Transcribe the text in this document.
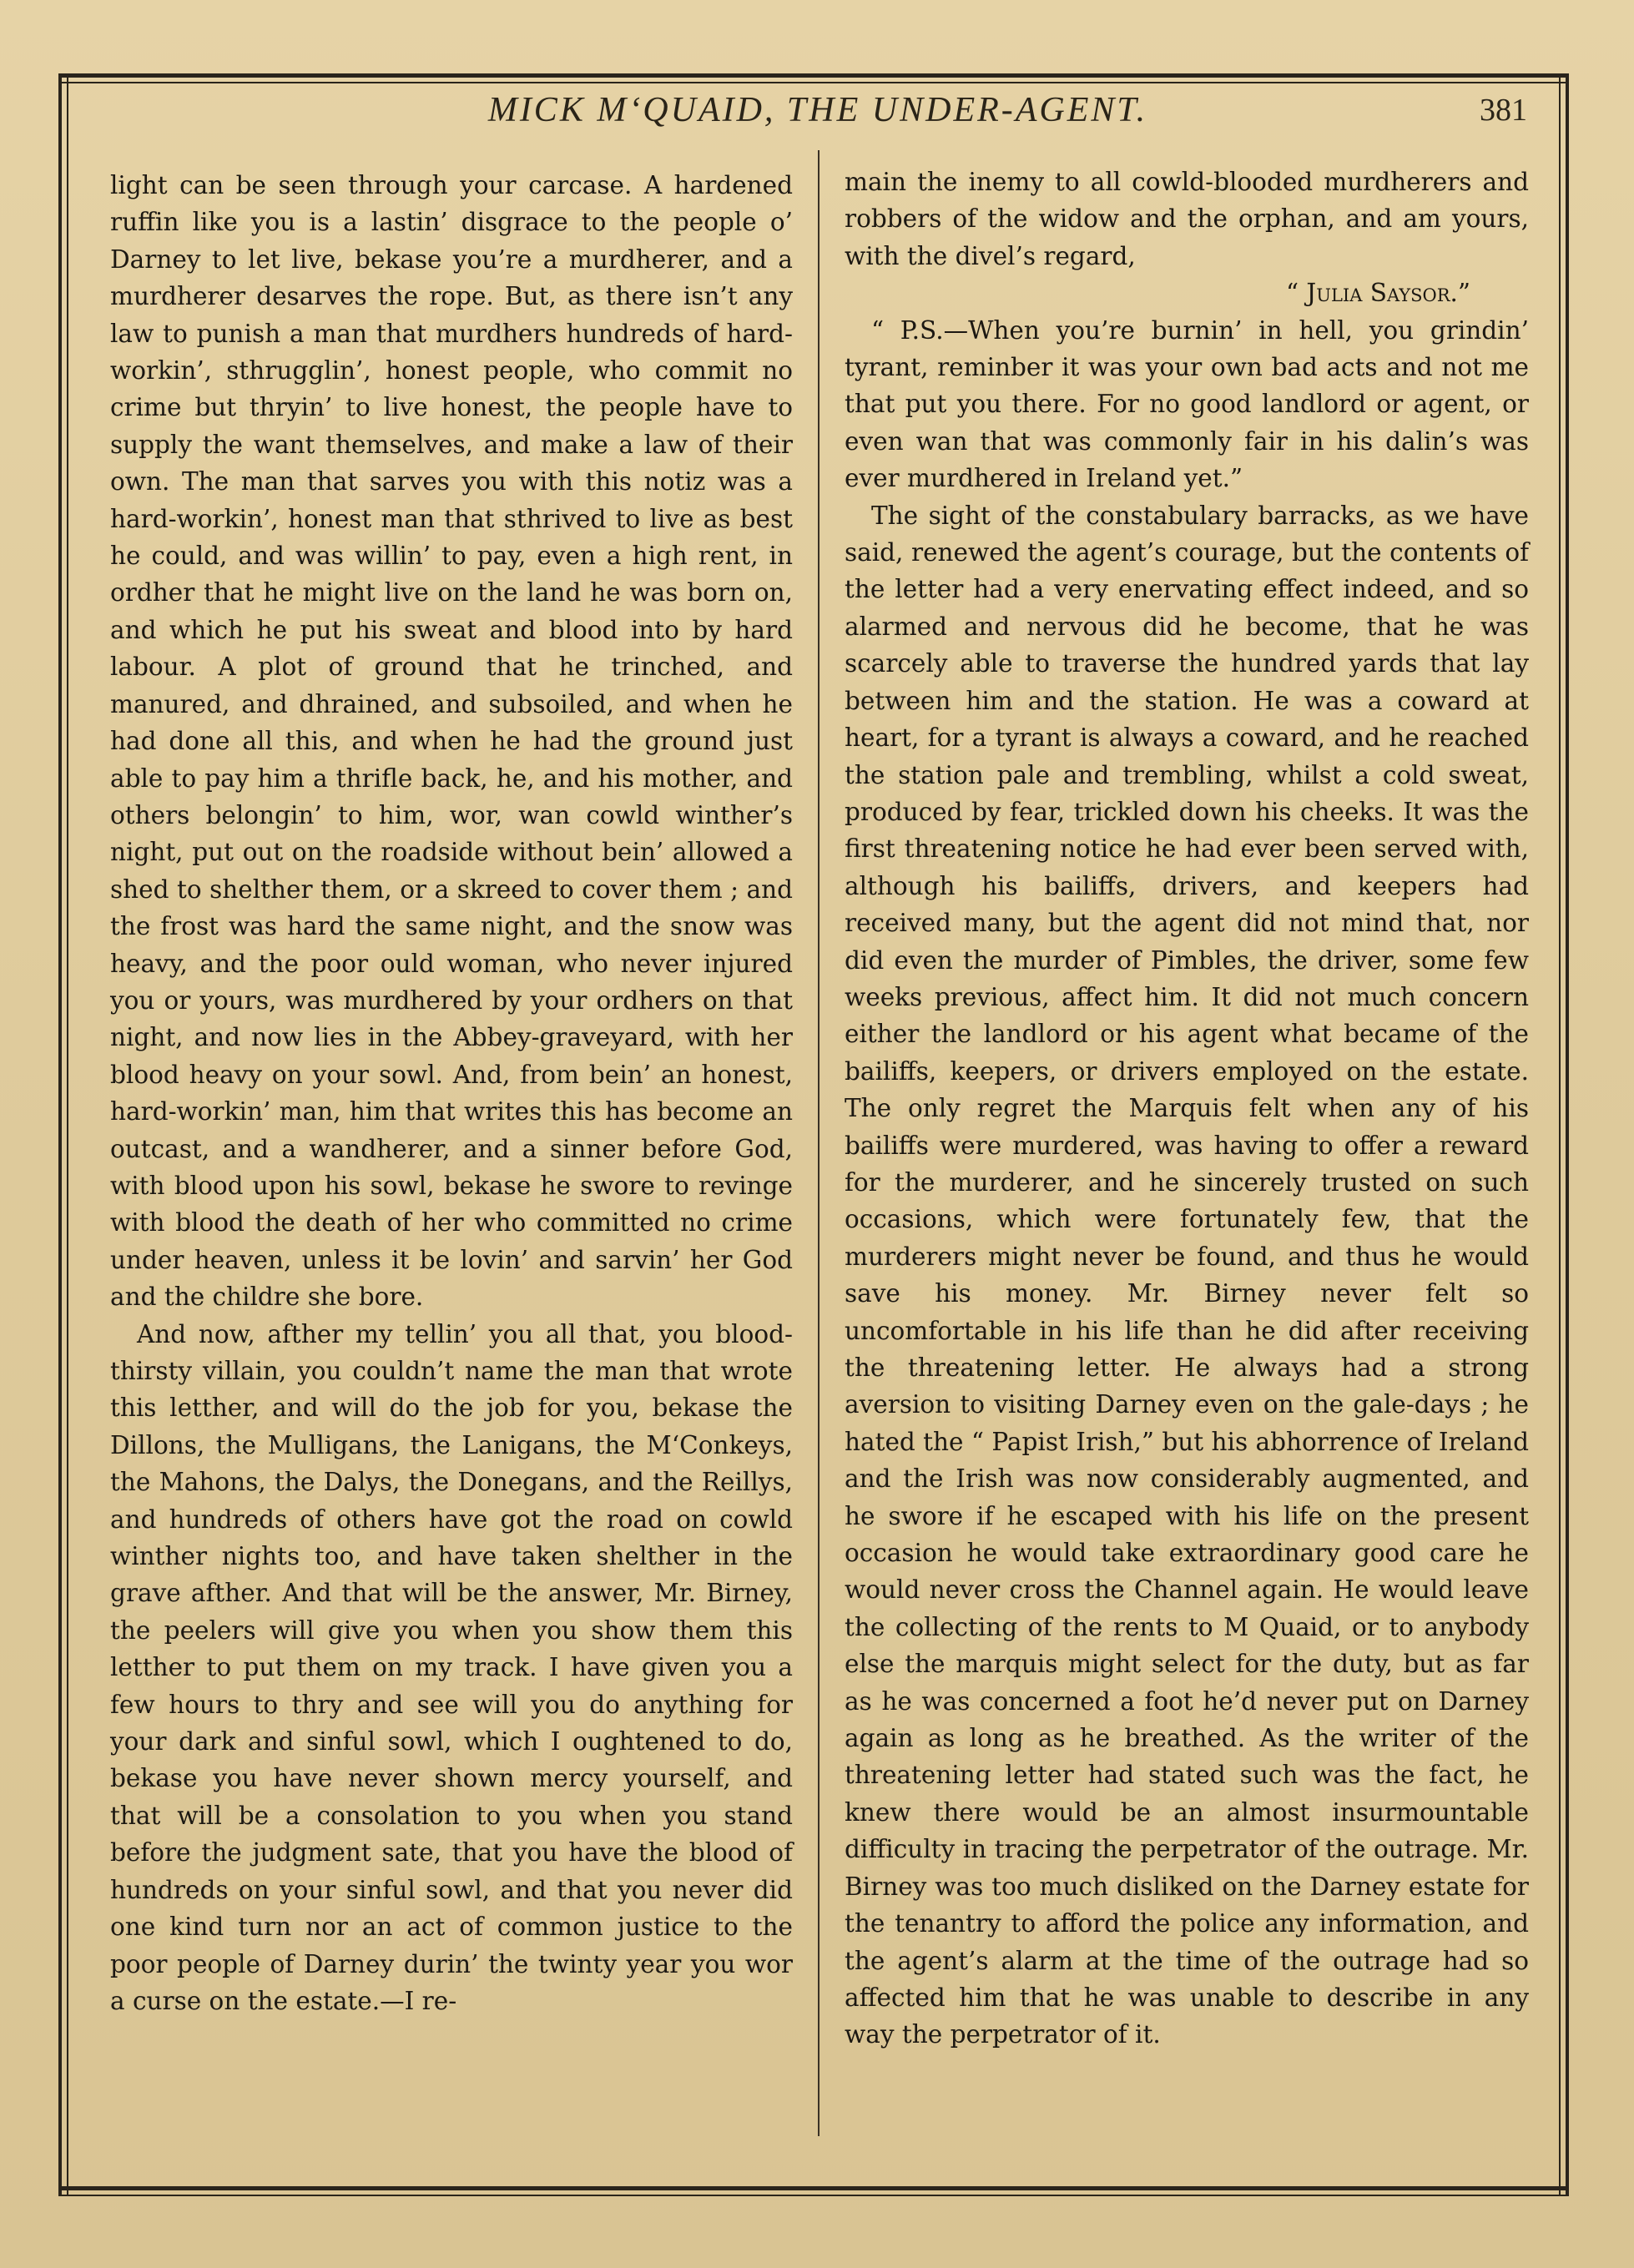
MICK M‘QUAID, THE UNDER-AGENT.	381

light can be seen through your carcase. A hardened ruffin like you is a lastin’ disgrace to the people o’ Darney to let live, bekase you’re a murdherer, and a murdherer desarves the rope. But, as there isn’t any law to punish a man that murdhers hundreds of hard-workin’, sthrugglin’, honest people, who commit no crime but thryin’ to live honest, the people have to supply the want themselves, and make a law of their own. The man that sarves you with this notiz was a hard-workin’, honest man that sthrived to live as best he could, and was willin’ to pay, even a high rent, in ordher that he might live on the land he was born on, and which he put his sweat and blood into by hard labour. A plot of ground that he trinched, and manured, and dhrained, and subsoiled, and when he had done all this, and when he had the ground just able to pay him a thrifle back, he, and his mother, and others belongin’ to him, wor, wan cowld winther’s night, put out on the roadside without bein’ allowed a shed to shelther them, or a skreed to cover them ; and the frost was hard the same night, and the snow was heavy, and the poor ould woman, who never injured you or yours, was murdhered by your ordhers on that night, and now lies in the Abbey-graveyard, with her blood heavy on your sowl. And, from bein’ an honest, hard-workin’ man, him that writes this has become an outcast, and a wandherer, and a sinner before God, with blood upon his sowl, bekase he swore to revinge with blood the death of her who committed no crime under heaven, unless it be lovin’ and sarvin’ her God and the childre she bore.

And now, afther my tellin’ you all that, you blood-thirsty villain, you couldn’t name the man that wrote this letther, and will do the job for you, bekase the Dillons, the Mulligans, the Lanigans, the M‘Conkeys, the Mahons, the Dalys, the Donegans, and the Reillys, and hundreds of others have got the road on cowld winther nights too, and have taken shelther in the grave afther. And that will be the answer, Mr. Birney, the peelers will give you when you show them this letther to put them on my track. I have given you a few hours to thry and see will you do anything for your dark and sinful sowl, which I oughtened to do, bekase you have never shown mercy yourself, and that will be a consolation to you when you stand before the judgment sate, that you have the blood of hundreds on your sinful sowl, and that you never did one kind turn nor an act of common justice to the poor people of Darney durin’ the twinty year you wor a curse on the estate.—I re-

main the inemy to all cowld-blooded murdherers and robbers of the widow and the orphan, and am yours, with the divel’s regard,

“ Julia Saysor.”

“ P.S.—When you’re burnin’ in hell, you grindin’ tyrant, reminber it was your own bad acts and not me that put you there. For no good landlord or agent, or even wan that was commonly fair in his dalin’s was ever murdhered in Ireland yet.”

The sight of the constabulary barracks, as we have said, renewed the agent’s courage, but the contents of the letter had a very enervating effect indeed, and so alarmed and nervous did he become, that he was scarcely able to traverse the hundred yards that lay between him and the station. He was a coward at heart, for a tyrant is always a coward, and he reached the station pale and trembling, whilst a cold sweat, produced by fear, trickled down his cheeks. It was the first threatening notice he had ever been served with, although his bailiffs, drivers, and keepers had received many, but the agent did not mind that, nor did even the murder of Pimbles, the driver, some few weeks previous, affect him. It did not much concern either the landlord or his agent what became of the bailiffs, keepers, or drivers employed on the estate. The only regret the Marquis felt when any of his bailiffs were murdered, was having to offer a reward for the murderer, and he sincerely trusted on such occasions, which were fortunately few, that the murderers might never be found, and thus he would save his money. Mr. Birney never felt so uncomfortable in his life than he did after receiving the threatening letter. He always had a strong aversion to visiting Darney even on the gale-days ; he hated the “ Papist Irish,” but his abhorrence of Ireland and the Irish was now considerably augmented, and he swore if he escaped with his life on the present occasion he would take extraordinary good care he would never cross the Channel again. He would leave the collecting of the rents to M Quaid, or to anybody else the marquis might select for the duty, but as far as he was concerned a foot he’d never put on Darney again as long as he breathed. As the writer of the threatening letter had stated such was the fact, he knew there would be an almost insurmountable difficulty in tracing the perpetrator of the outrage. Mr. Birney was too much disliked on the Darney estate for the tenantry to afford the police any information, and the agent’s alarm at the time of the outrage had so affected him that he was unable to describe in any way the perpetrator of it.
